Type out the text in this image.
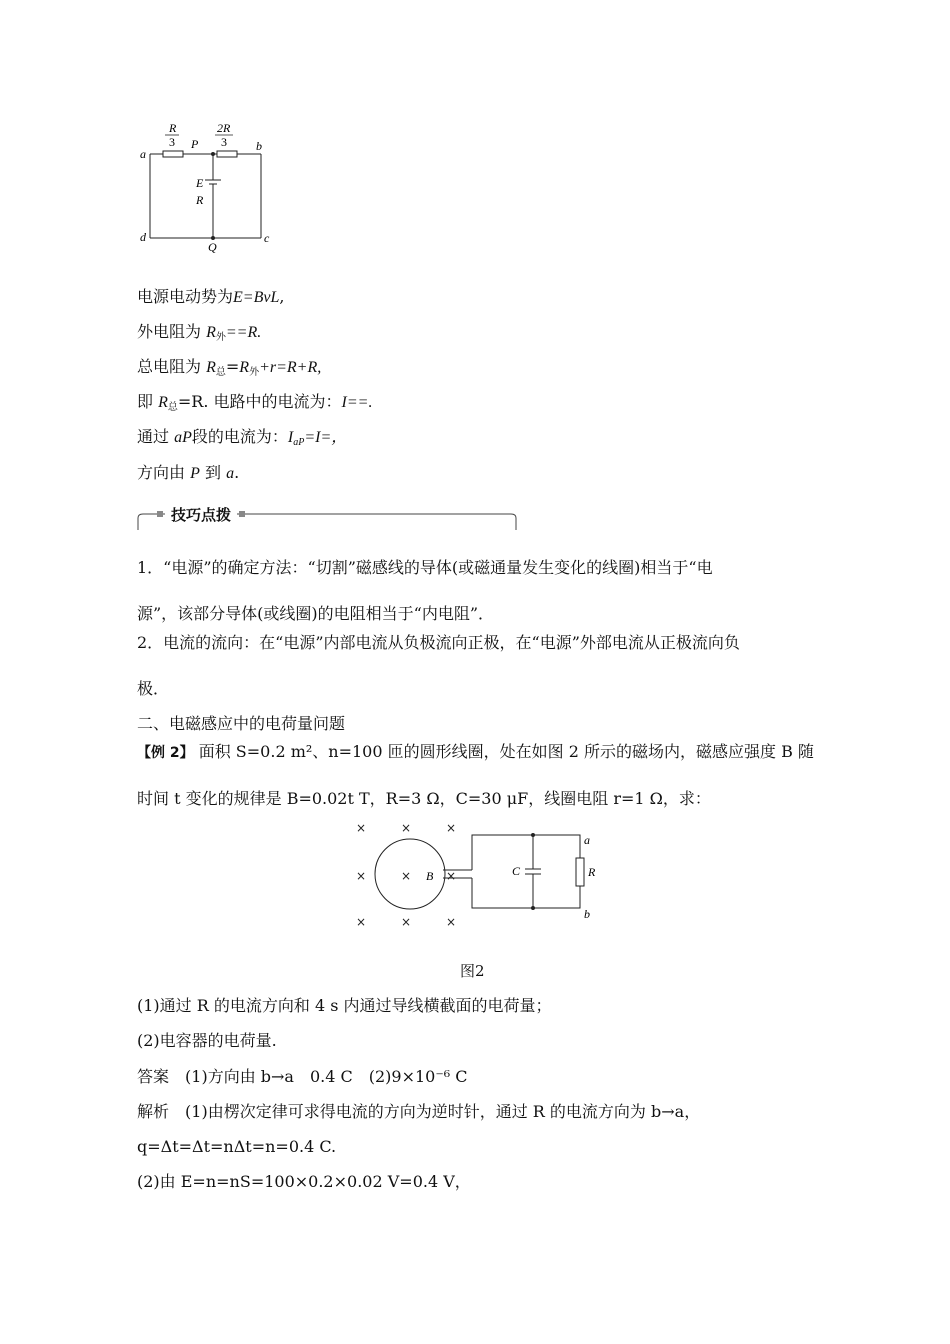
R
3
2R
3
a
P	b
E
R
d
Q
c
电源电动势为E=BvL,
外电阻为 $R_外==R$.
总电阻为 $R_总=R_外+r=R+R$,
即 $R_总=R$. 电路中的电流为：I==.
通过 aP段的电流为：$I_{aP}=I=$，
方向由 P 到 a.
技巧点拨
1．“电源”的确定方法：“切割”磁感线的导体(或磁通量发生变化的线圈)相当于“电
源”，该部分导体(或线圈)的电阻相当于“内电阻”．
2．电流的流向：在“电源”内部电流从负极流向正极，在“电源”外部电流从正极流向负
极．
二、电磁感应中的电荷量问题
【例 2】 面积 S=0.2 m²、n=100 匝的圆形线圈，处在如图 2 所示的磁场内，磁感应强度 B 随
时间 t 变化的规律是 B=0.02t T，R=3 Ω，C=30 μF，线圈电阻 r=1 Ω，求：
×	×	×
×	×	×
×	×	×
B	C	R
a
b
图2
(1)通过 R 的电流方向和 4 s 内通过导线横截面的电荷量；
(2)电容器的电荷量.
答案　 (1)方向由 b→a　0.4 C　(2)9×10⁻⁶ C
解析　 (1)由楞次定律可求得电流的方向为逆时针，通过 R 的电流方向为 b→a，
q=Δt=Δt=nΔt=n=0.4 C.
(2)由 E=n=nS=100×0.2×0.02 V=0.4 V，
